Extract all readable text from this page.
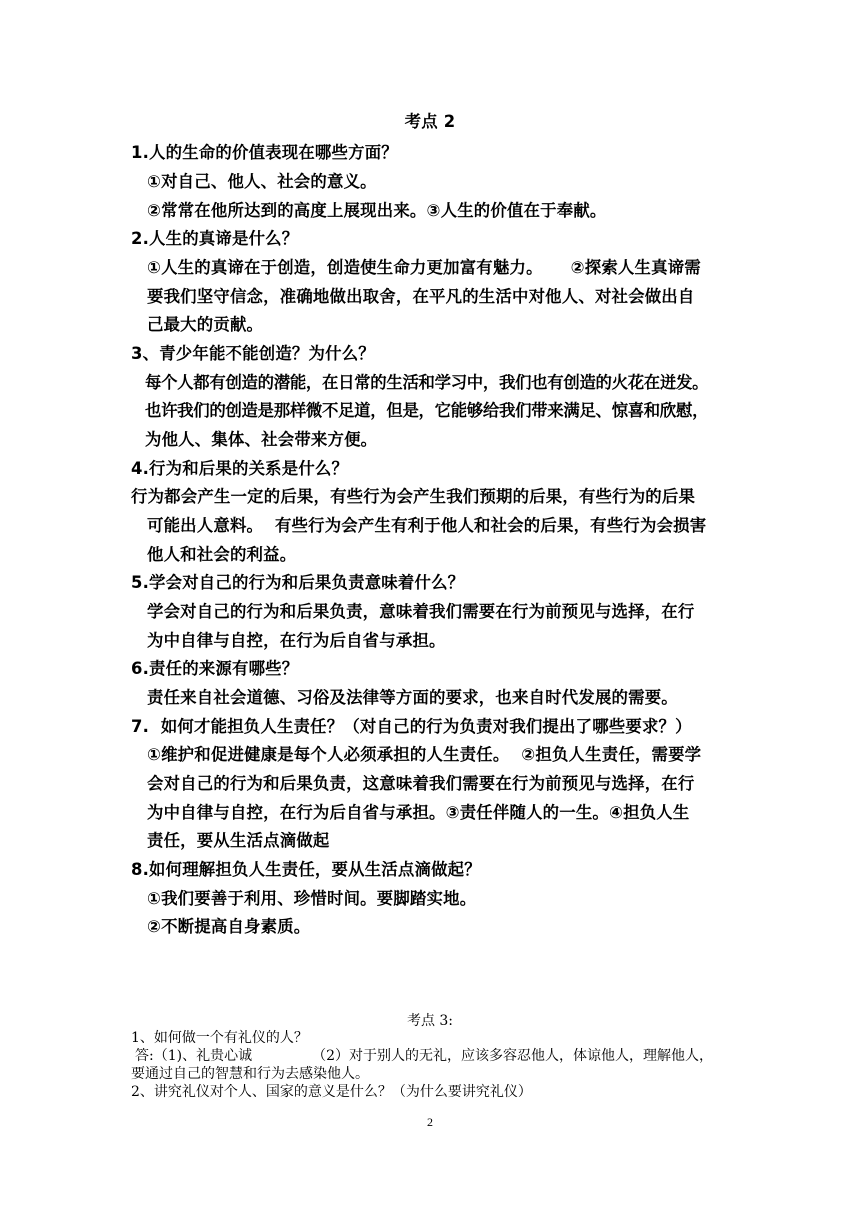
考点 2
1.人的生命的价值表现在哪些方面？
①对自己、他人、社会的意义。
②常常在他所达到的高度上展现出来。③人生的价值在于奉献。
2.人生的真谛是什么？
①人生的真谛在于创造，创造使生命力更加富有魅力。 ②探索人生真谛需
要我们坚守信念，准确地做出取舍，在平凡的生活中对他人、对社会做出自
己最大的贡献。
3、青少年能不能创造？为什么？
每个人都有创造的潜能，在日常的生活和学习中，我们也有创造的火花在迸发。
也许我们的创造是那样微不足道，但是，它能够给我们带来满足、惊喜和欣慰，
为他人、集体、社会带来方便。
4.行为和后果的关系是什么？
行为都会产生一定的后果，有些行为会产生我们预期的后果，有些行为的后果
可能出人意料。  有些行为会产生有利于他人和社会的后果，有些行为会损害
他人和社会的利益。
5.学会对自己的行为和后果负责意味着什么？
学会对自己的行为和后果负责，意味着我们需要在行为前预见与选择，在行
为中自律与自控，在行为后自省与承担。
6.责任的来源有哪些？
责任来自社会道德、习俗及法律等方面的要求，也来自时代发展的需要。
7.  如何才能担负人生责任？（对自己的行为负责对我们提出了哪些要求？）
①维护和促进健康是每个人必须承担的人生责任。  ②担负人生责任，需要学
会对自己的行为和后果负责，这意味着我们需要在行为前预见与选择，在行
为中自律与自控，在行为后自省与承担。③责任伴随人的一生。④担负人生
责任，要从生活点滴做起
8.如何理解担负人生责任，要从生活点滴做起？
①我们要善于利用、珍惜时间。要脚踏实地。
②不断提高自身素质。
考点 3:
1、如何做一个有礼仪的人？
答:（1)、礼贵心诚	（2）对于别人的无礼，应该多容忍他人，体谅他人，理解他人，
要通过自己的智慧和行为去感染他人。
2、讲究礼仪对个人、国家的意义是什么？（为什么要讲究礼仪）
2
